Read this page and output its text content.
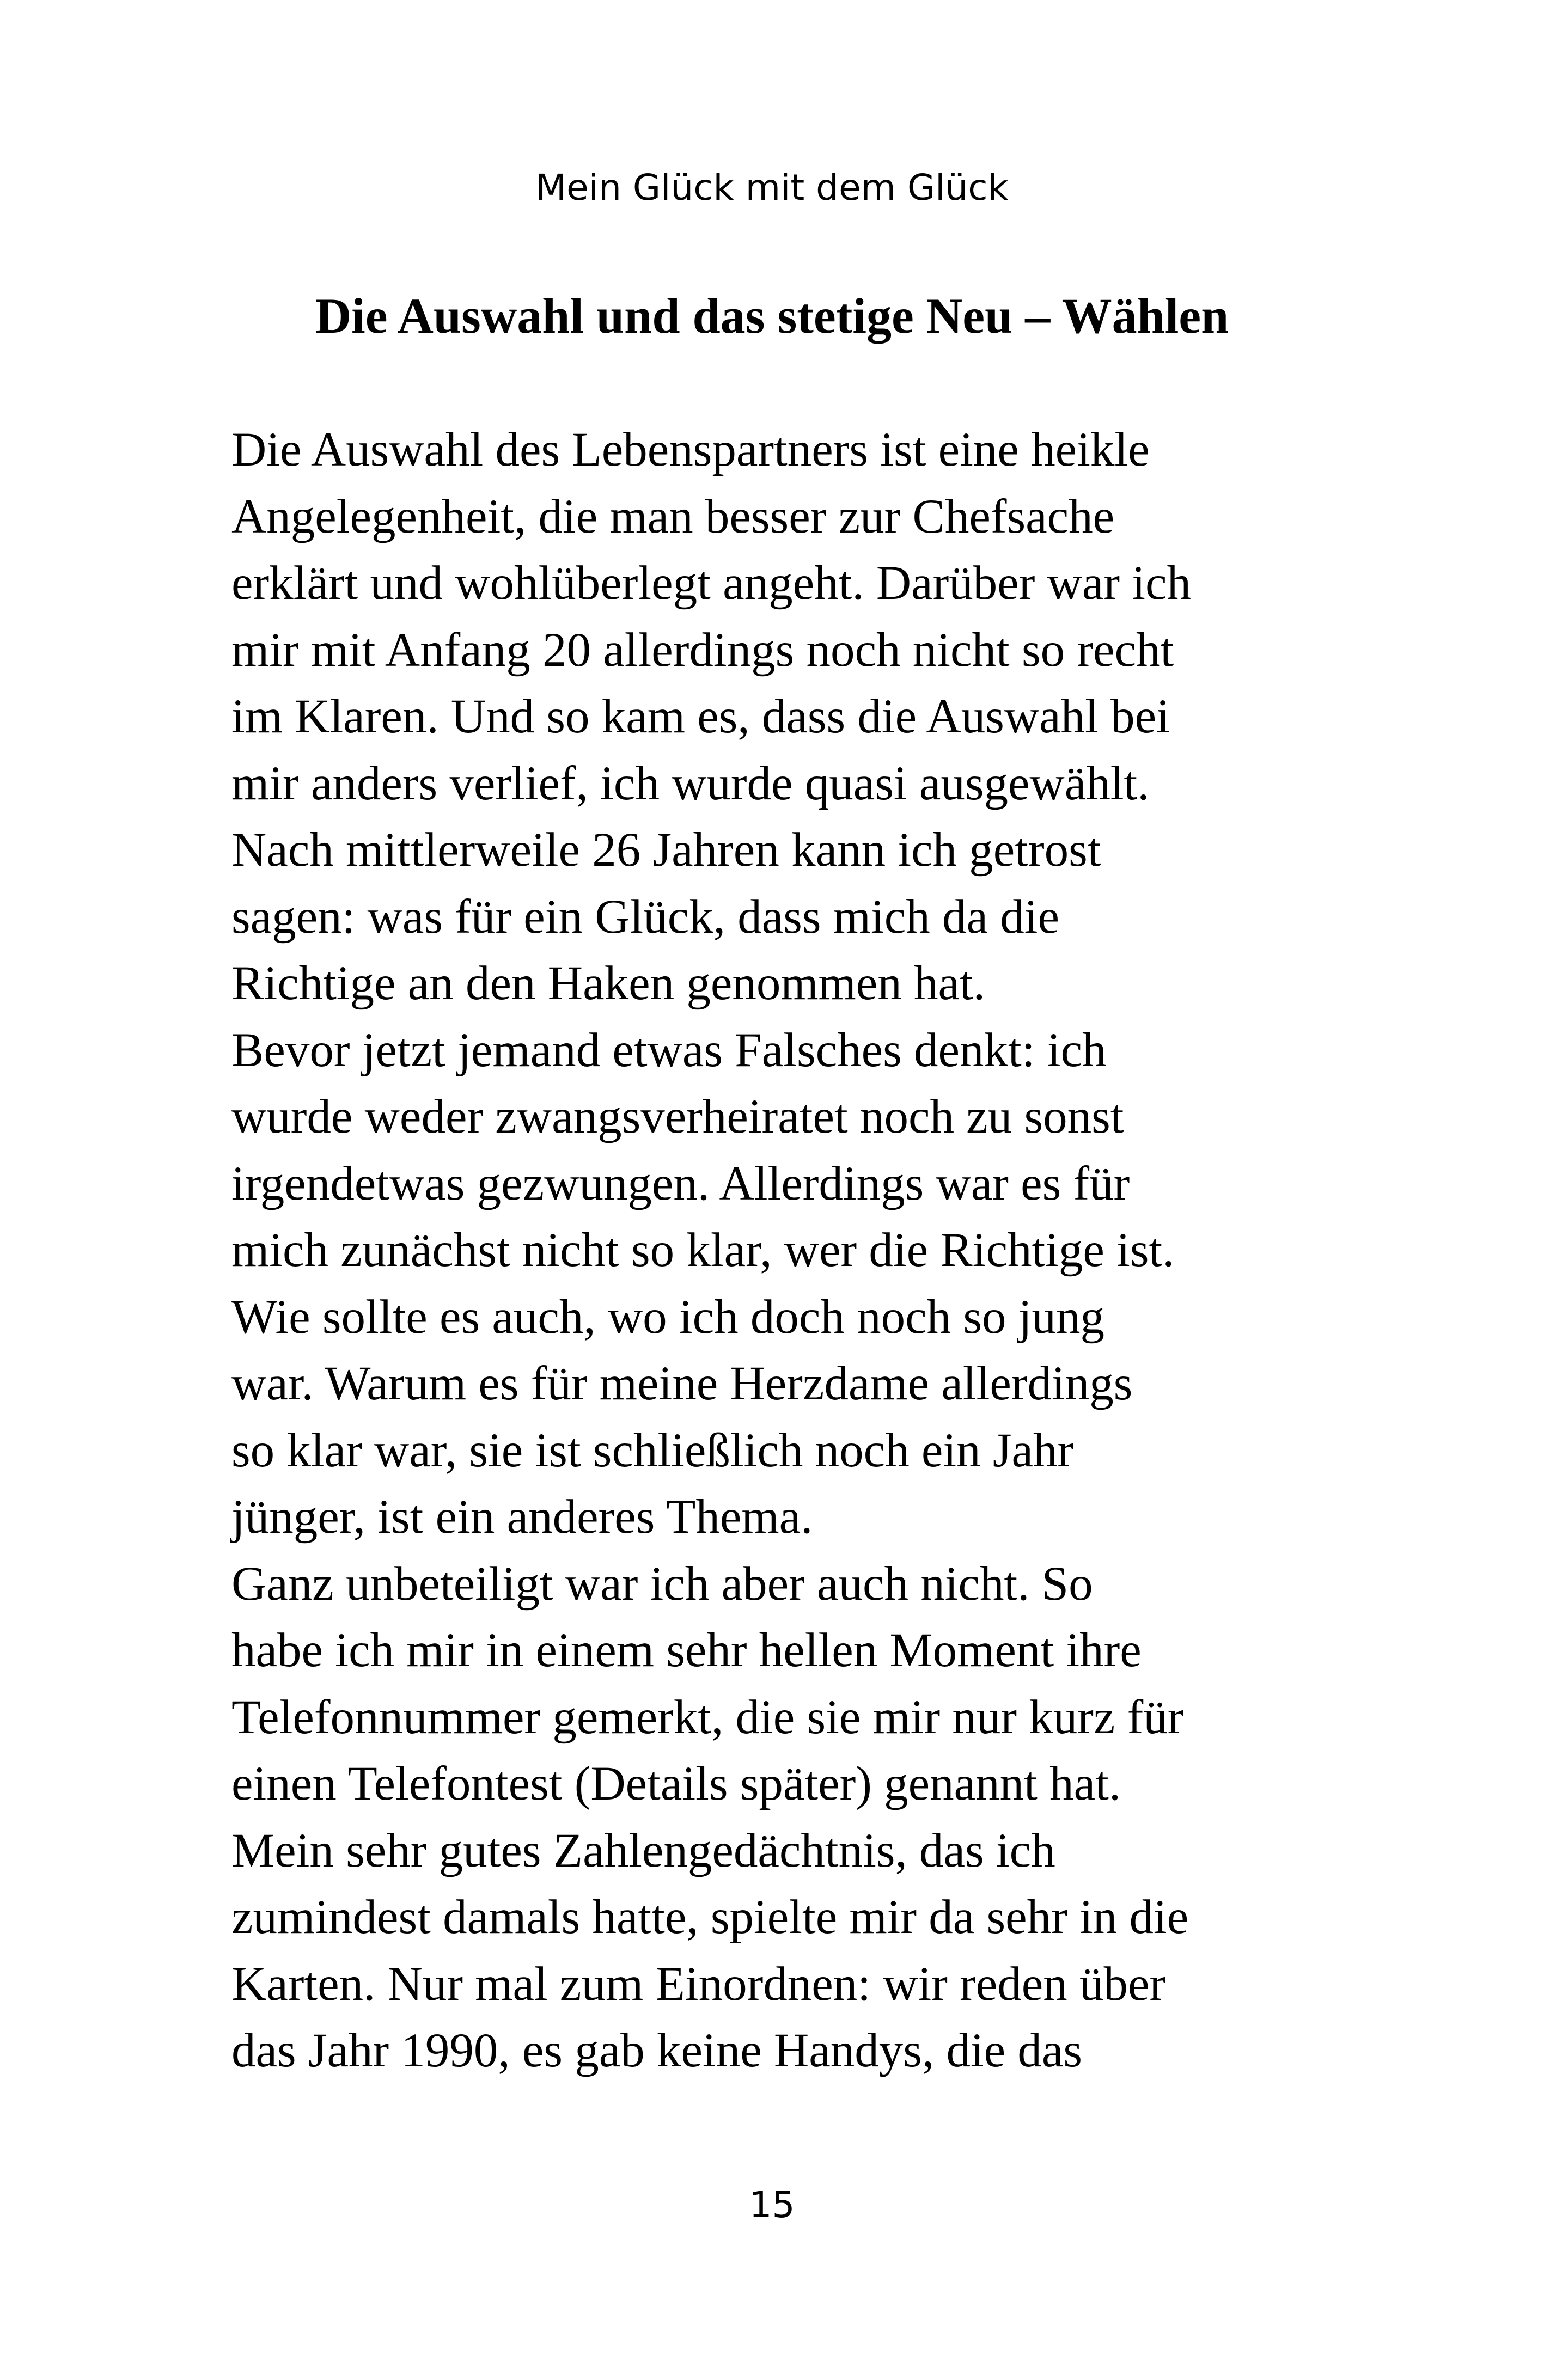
Mein Glück mit dem Glück
Die Auswahl und das stetige Neu – Wählen
Die Auswahl des Lebenspartners ist eine heikle
Angelegenheit, die man besser zur Chefsache
erklärt und wohlüberlegt angeht. Darüber war ich
mir mit Anfang 20 allerdings noch nicht so recht
im Klaren. Und so kam es, dass die Auswahl bei
mir anders verlief, ich wurde quasi ausgewählt.
Nach mittlerweile 26 Jahren kann ich getrost
sagen: was für ein Glück, dass mich da die
Richtige an den Haken genommen hat.
Bevor jetzt jemand etwas Falsches denkt: ich
wurde weder zwangsverheiratet noch zu sonst
irgendetwas gezwungen. Allerdings war es für
mich zunächst nicht so klar, wer die Richtige ist.
Wie sollte es auch, wo ich doch noch so jung
war. Warum es für meine Herzdame allerdings
so klar war, sie ist schließlich noch ein Jahr
jünger, ist ein anderes Thema.
Ganz unbeteiligt war ich aber auch nicht. So
habe ich mir in einem sehr hellen Moment ihre
Telefonnummer gemerkt, die sie mir nur kurz für
einen Telefontest (Details später) genannt hat.
Mein sehr gutes Zahlengedächtnis, das ich
zumindest damals hatte, spielte mir da sehr in die
Karten. Nur mal zum Einordnen: wir reden über
das Jahr 1990, es gab keine Handys, die das
15
